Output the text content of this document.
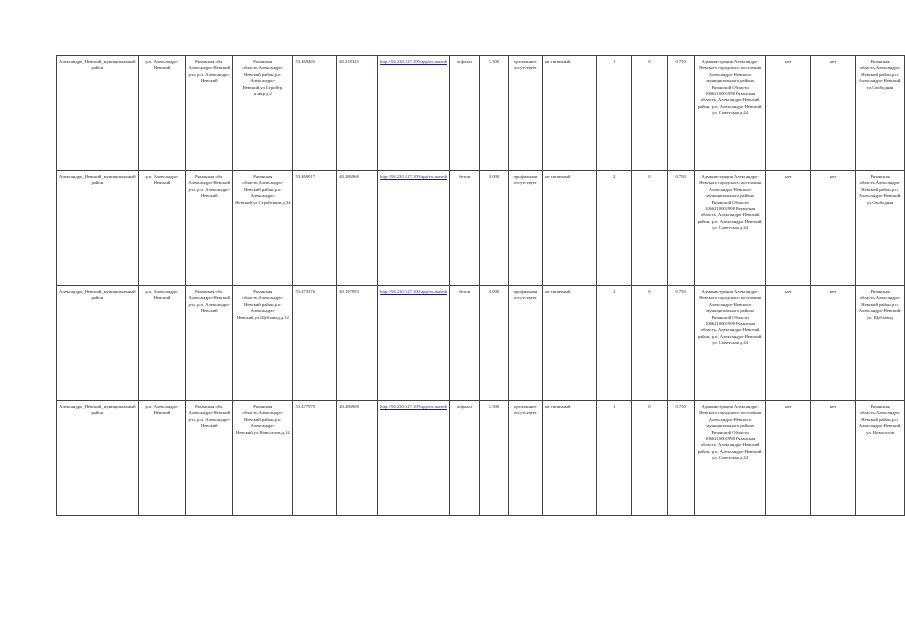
Александро_Невский_муниципальный район	р.п. Александро-Невский	Рязанская обл. Александро-Невский р-н, р.п. Александро-Невский	Рязанская область,Александро-Невский район,р.п. Александро-Невский,ул.Стройгр. н.мкр.д.2	53.469465	40.218325	http://94.230.127.109/app/ex.maxnb	асфальт	1.300	оргпланное отсутствует	не типичный	1	0	0.750	Администрация Александро-Невского городского поселения Александро-Невского муниципального района Рязанской Области 1066210001998 Рязанская область, Александро-Невский район, р.п. Александро-Невский, ул. Советская д.44	нет	нет	Рязанская область,Александро-Невский район,р.п. Александро-Невский, ул.Свободная
Александро_Невский_муниципальный район	р.п. Александро-Невский	Рязанская обл. Александро-Невский р-н, р.п. Александро-Невский	Рязанская область,Александро-Невский район,р.п. Александро-Невский,ул.Стройсвязи,д.34	53.469017	40.286968	http://94.230.127.109/app/ex.maxnb	бетон	3.000	профильная отсутствует	не типичный	2	0	0.750	Администрация Александро-Невского городского поселения Александро-Невского муниципального района Рязанской Области 1066210001998 Рязанская область, Александро-Невский район, р.п. Александро-Невский, ул. Советская д.44	нет	нет	Рязанская область,Александро-Невский район,р.п. Александро-Невский, ул.Свободная
Александро_Невский_муниципальный район	р.п. Александро-Невский	Рязанская обл. Александро-Невский р-н, р.п. Александро-Невский	Рязанская область,Александро-Невский район,р.п. Александро-Невский,ул.Щебзавод,д.12	53.473376	40.197993	http://94.230.127.109/app/ex.maxnb	бетон	3.000	профильная отсутствует	не типичный	2	0	0.750	Администрация Александро-Невского городского поселения Александро-Невского муниципального района Рязанской Области 1066210001998 Рязанская область, Александро-Невский район, р.п. Александро-Невский, ул. Советская д.44	нет	нет	Рязанская область,Александро-Невский район,р.п. Александро-Невский, ул. Щебзавод
Александро_Невский_муниципальный район	р.п. Александро-Невский	Рязанская обл. Александро-Невский р-н, р.п. Александро-Невский	Рязанская область,Александро-Невский район,р.п. Александро-Невский,ул.Новоселов,д.14	53.477979	40.286908	http://94.230.127.109/app/ex.maxnb	асфальт	1.500	оргпланное отсутствует	не типичный	1	0	0.750	Администрация Александро-Невского городского поселения Александро-Невского муниципального района Рязанской Области 1066210001998 Рязанская область, Александро-Невский район, р.п. Александро-Невский, ул. Советская д.44	нет	нет	Рязанская область,Александро-Невский район,р.п. Александро-Невский, ул. Новоселов
